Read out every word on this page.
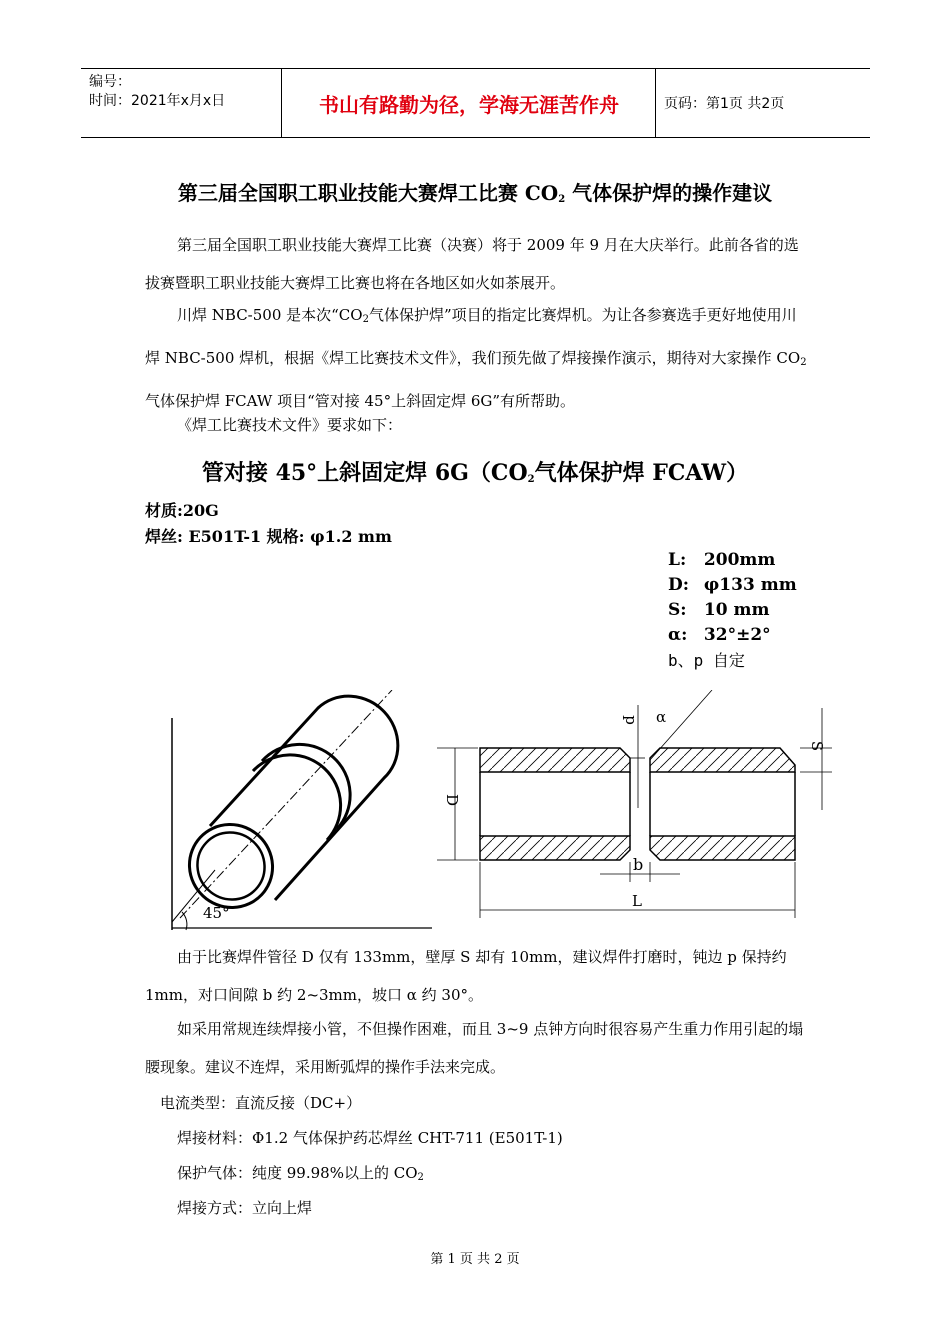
编号：
时间：2021年x月x日	书山有路勤为径，学海无涯苦作舟	页码：第1页 共2页
第三届全国职工职业技能大赛焊工比赛 $CO_2$ 气体保护焊的操作建议
第三届全国职工职业技能大赛焊工比赛（决赛）将于 2009 年 9 月在大庆举行。此前各省的选拔赛暨职工职业技能大赛焊工比赛也将在各地区如火如茶展开。
川焊 NBC-500 是本次“$CO_2$气体保护焊”项目的指定比赛焊机。为让各参赛选手更好地使用川焊 NBC-500 焊机，根据《焊工比赛技术文件》，我们预先做了焊接操作演示，期待对大家操作 $CO_2$气体保护焊 FCAW 项目“管对接 45°上斜固定焊 6G”有所帮助。
《焊工比赛技术文件》要求如下：
管对接 45°上斜固定焊 $6G(CO_2$气体保护焊 FCAW）
材质:20G
焊丝: E501T-1 规格: φ1.2 mm
L: 200mm
D: φ133 mm
S: 10 mm
α: 32°±2°
b、p 自定
45°
D
p α
S
b
L
由于比赛焊件管径 D 仅有 133mm，壁厚 S 却有 10mm，建议焊件打磨时，钝边 p 保持约 1mm，对口间隙 b 约 2~3mm，坡口 α 约 30°。
如采用常规连续焊接小管，不但操作困难，而且 3~9 点钟方向时很容易产生重力作用引起的塌腰现象。建议不连焊，采用断弧焊的操作手法来完成。
电流类型：直流反接（DC+）
焊接材料：Φ1.2 气体保护药芯焊丝 CHT-711 (E501T-1)
保护气体：纯度 99.98%以上的 $CO_2$
焊接方式：立向上焊
第 1 页 共 2 页
